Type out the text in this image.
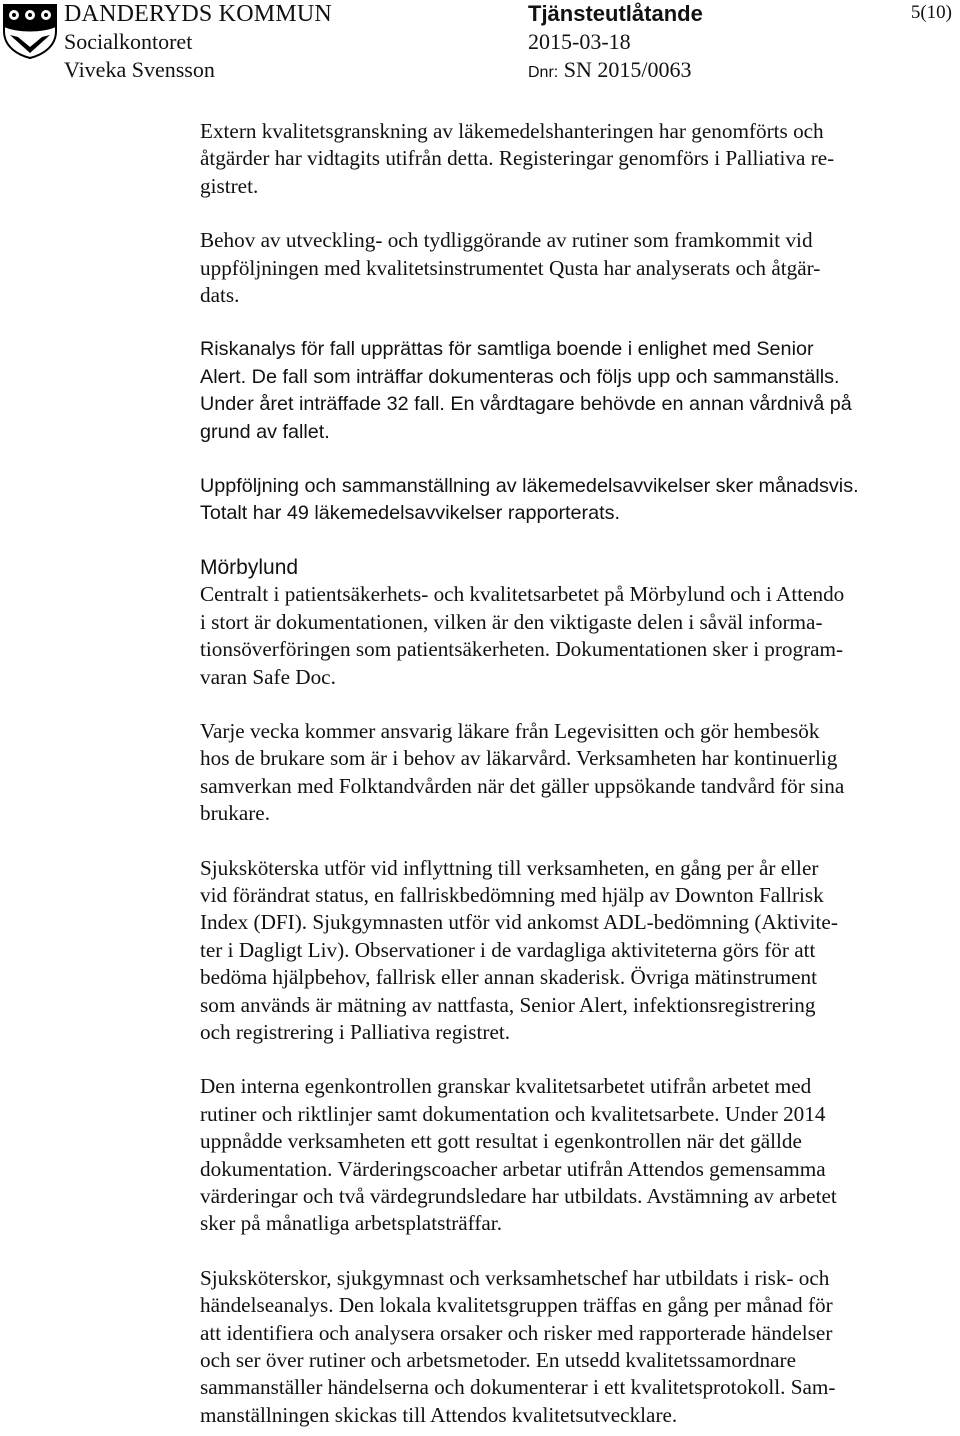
DANDERYDS KOMMUN
Socialkontoret
Viveka Svensson
Tjänsteutlåtande
2015-03-18
Dnr: SN 2015/0063
5(10)

Extern kvalitetsgranskning av läkemedelshanteringen har genomförts och

åtgärder har vidtagits utifrån detta. Registeringar genomförs i Palliativa re-

gistret.

Behov av utveckling- och tydliggörande av rutiner som framkommit vid

uppföljningen med kvalitetsinstrumentet Qusta har analyserats och åtgär-

dats.

Riskanalys för fall upprättas för samtliga boende i enlighet med Senior

Alert. De fall som inträffar dokumenteras och följs upp och sammanställs.

Under året inträffade 32 fall. En vårdtagare behövde en annan vårdnivå på

grund av fallet.

Uppföljning och sammanställning av läkemedelsavvikelser sker månadsvis.

Totalt har 49 läkemedelsavvikelser rapporterats.

Mörbylund

Centralt i patientsäkerhets- och kvalitetsarbetet på Mörbylund och i Attendo

i stort är dokumentationen, vilken är den viktigaste delen i såväl informa-

tionsöverföringen som patientsäkerheten. Dokumentationen sker i program-

varan Safe Doc.

Varje vecka kommer ansvarig läkare från Legevisitten och gör hembesök

hos de brukare som är i behov av läkarvård. Verksamheten har kontinuerlig

samverkan med Folktandvården när det gäller uppsökande tandvård för sina

brukare.

Sjuksköterska utför vid inflyttning till verksamheten, en gång per år eller

vid förändrat status, en fallriskbedömning med hjälp av Downton Fallrisk

Index (DFI). Sjukgymnasten utför vid ankomst ADL-bedömning (Aktivite-

ter i Dagligt Liv). Observationer i de vardagliga aktiviteterna görs för att

bedöma hjälpbehov, fallrisk eller annan skaderisk. Övriga mätinstrument

som används är mätning av nattfasta, Senior Alert, infektionsregistrering

och registrering i Palliativa registret.

Den interna egenkontrollen granskar kvalitetsarbetet utifrån arbetet med

rutiner och riktlinjer samt dokumentation och kvalitetsarbete. Under 2014

uppnådde verksamheten ett gott resultat i egenkontrollen när det gällde

dokumentation. Värderingscoacher arbetar utifrån Attendos gemensamma

värderingar och två värdegrundsledare har utbildats. Avstämning av arbetet

sker på månatliga arbetsplatsträffar.

Sjuksköterskor, sjukgymnast och verksamhetschef har utbildats i risk- och

händelseanalys. Den lokala kvalitetsgruppen träffas en gång per månad för

att identifiera och analysera orsaker och risker med rapporterade händelser

och ser över rutiner och arbetsmetoder. En utsedd kvalitetssamordnare

sammanställer händelserna och dokumenterar i ett kvalitetsprotokoll. Sam-

manställningen skickas till Attendos kvalitetsutvecklare.
